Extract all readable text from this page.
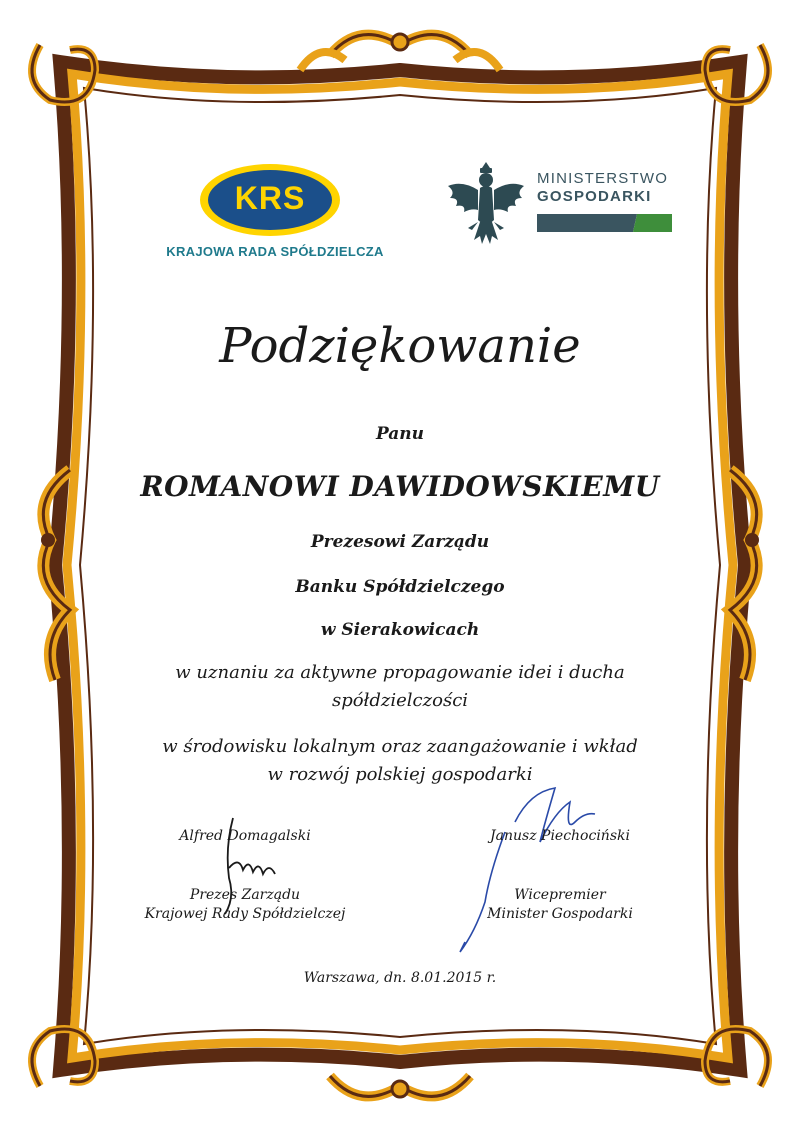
KRS
KRAJOWA RADA SPÓŁDZIELCZA
MINISTERSTWO
GOSPODARKI
Podziękowanie
Panu
ROMANOWI DAWIDOWSKIEMU
Prezesowi Zarządu
Banku Spółdzielczego
w Sierakowicach
w uznaniu za aktywne propagowanie idei i ducha
spółdzielczości
w środowisku lokalnym oraz zaangażowanie i wkład
w rozwój polskiej gospodarki
Alfred Domagalski
Prezes Zarządu
Krajowej Rady Spółdzielczej
Janusz Piechociński
Wicepremier
Minister Gospodarki
Warszawa, dn. 8.01.2015 r.
